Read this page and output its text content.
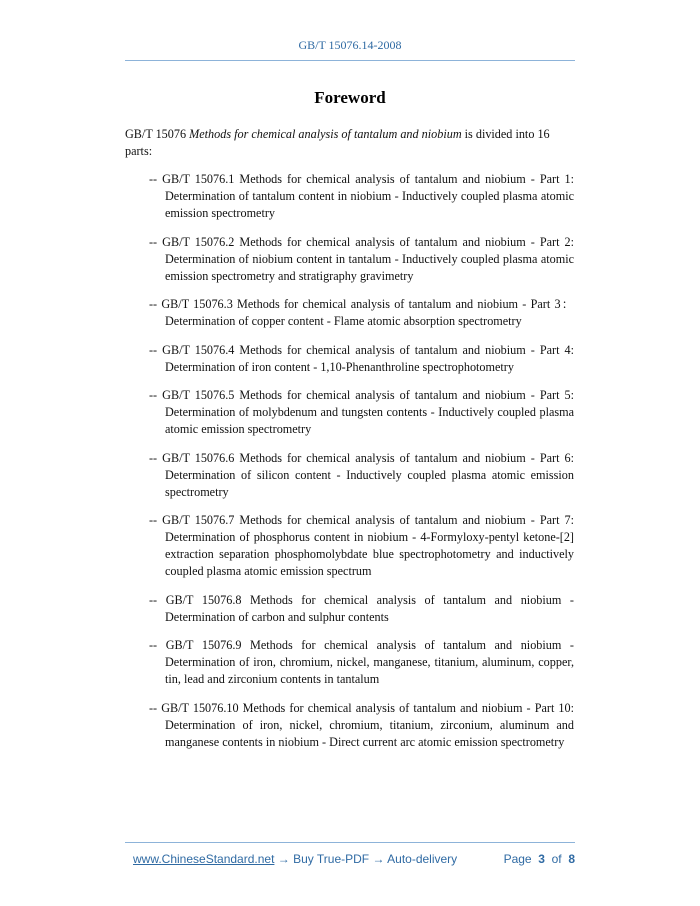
GB/T 15076.14-2008
Foreword

GB/T 15076 Methods for chemical analysis of tantalum and niobium is divided into 16 parts:

-- GB/T 15076.1 Methods for chemical analysis of tantalum and niobium - Part 1: Determination of tantalum content in niobium - Inductively coupled plasma atomic emission spectrometry
-- GB/T 15076.2 Methods for chemical analysis of tantalum and niobium - Part 2: Determination of niobium content in tantalum - Inductively coupled plasma atomic emission spectrometry and stratigraphy gravimetry
-- GB/T 15076.3 Methods for chemical analysis of tantalum and niobium - Part 3：Determination of copper content - Flame atomic absorption spectrometry
-- GB/T 15076.4 Methods for chemical analysis of tantalum and niobium - Part 4: Determination of iron content - 1,10-Phenanthroline spectrophotometry
-- GB/T 15076.5 Methods for chemical analysis of tantalum and niobium - Part 5: Determination of molybdenum and tungsten contents - Inductively coupled plasma atomic emission spectrometry
-- GB/T 15076.6 Methods for chemical analysis of tantalum and niobium - Part 6: Determination of silicon content - Inductively coupled plasma atomic emission spectrometry
-- GB/T 15076.7 Methods for chemical analysis of tantalum and niobium - Part 7: Determination of phosphorus content in niobium - 4-Formyloxy-pentyl ketone-[2] extraction separation phosphomolybdate blue spectrophotometry and inductively coupled plasma atomic emission spectrum
-- GB/T 15076.8 Methods for chemical analysis of tantalum and niobium - Determination of carbon and sulphur contents
-- GB/T 15076.9 Methods for chemical analysis of tantalum and niobium - Determination of iron, chromium, nickel, manganese, titanium, aluminum, copper, tin, lead and zirconium contents in tantalum
-- GB/T 15076.10 Methods for chemical analysis of tantalum and niobium - Part 10: Determination of iron, nickel, chromium, titanium, zirconium, aluminum and manganese contents in niobium - Direct current arc atomic emission spectrometry
www.ChineseStandard.net → Buy True-PDF → Auto-delivery	Page 3 of 8
